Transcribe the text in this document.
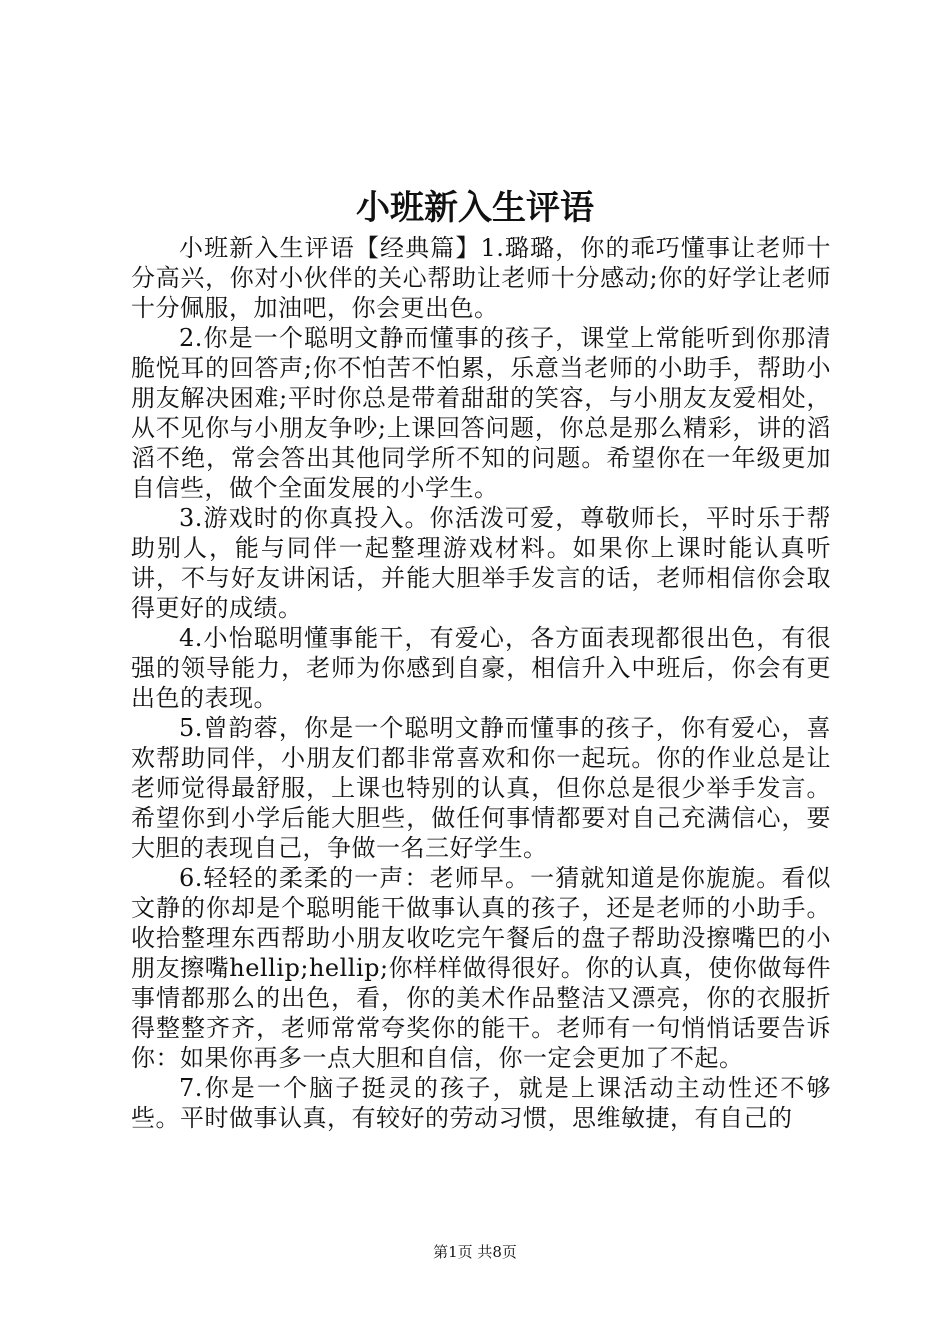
小班新入生评语

小班新入生评语【经典篇】1.璐璐，你的乖巧懂事让老师十分高兴，你对小伙伴的关心帮助让老师十分感动;你的好学让老师十分佩服，加油吧，你会更出色。

2.你是一个聪明文静而懂事的孩子，课堂上常能听到你那清脆悦耳的回答声;你不怕苦不怕累，乐意当老师的小助手，帮助小朋友解决困难;平时你总是带着甜甜的笑容，与小朋友友爱相处，从不见你与小朋友争吵;上课回答问题，你总是那么精彩，讲的滔滔不绝，常会答出其他同学所不知的问题。希望你在一年级更加自信些，做个全面发展的小学生。

3.游戏时的你真投入。你活泼可爱，尊敬师长，平时乐于帮助别人，能与同伴一起整理游戏材料。如果你上课时能认真听讲，不与好友讲闲话，并能大胆举手发言的话，老师相信你会取得更好的成绩。

4.小怡聪明懂事能干，有爱心，各方面表现都很出色，有很强的领导能力，老师为你感到自豪，相信升入中班后，你会有更出色的表现。

5.曾韵蓉，你是一个聪明文静而懂事的孩子，你有爱心，喜欢帮助同伴，小朋友们都非常喜欢和你一起玩。你的作业总是让老师觉得最舒服，上课也特别的认真，但你总是很少举手发言。希望你到小学后能大胆些，做任何事情都要对自己充满信心，要大胆的表现自己，争做一名三好学生。

6.轻轻的柔柔的一声：老师早。一猜就知道是你旎旎。看似文静的你却是个聪明能干做事认真的孩子，还是老师的小助手。收拾整理东西帮助小朋友收吃完午餐后的盘子帮助没擦嘴巴的小朋友擦嘴hellip;hellip;你样样做得很好。你的认真，使你做每件事情都那么的出色，看，你的美术作品整洁又漂亮，你的衣服折得整整齐齐，老师常常夸奖你的能干。老师有一句悄悄话要告诉你：如果你再多一点大胆和自信，你一定会更加了不起。

7.你是一个脑子挺灵的孩子，就是上课活动主动性还不够些。平时做事认真，有较好的劳动习惯，思维敏捷，有自己的

第1页 共8页
